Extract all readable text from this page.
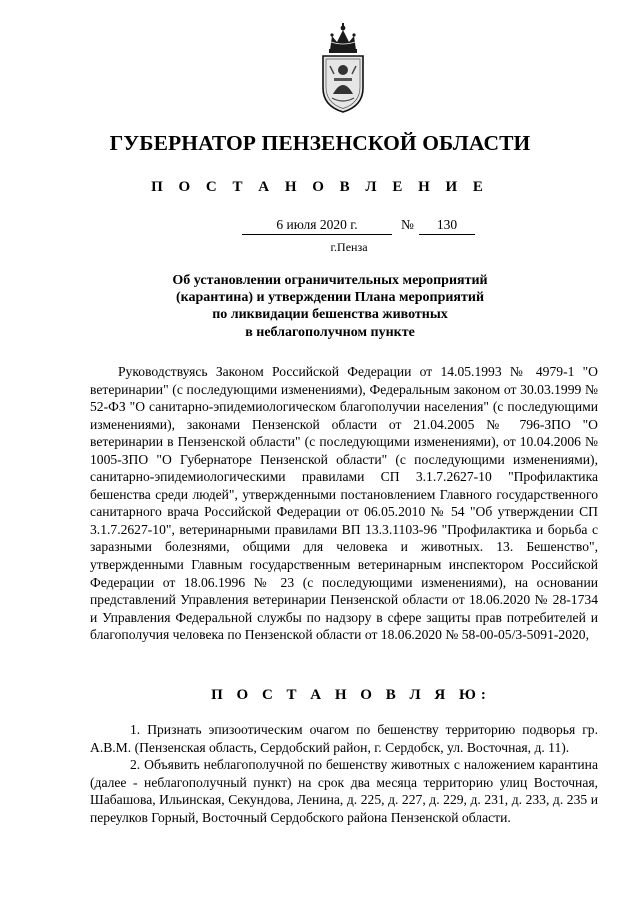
ГУБЕРНАТОР ПЕНЗЕНСКОЙ ОБЛАСТИ
П О С Т А Н О В Л Е Н И Е
6 июля 2020 г.	№	130
г.Пенза
Об установлении ограничительных мероприятий
(карантина) и утверждении Плана мероприятий
по ликвидации бешенства животных
в неблагополучном пункте

Руководствуясь Законом Российской Федерации от 14.05.1993 № 4979-1 "О ветеринарии" (с последующими изменениями), Федеральным законом от 30.03.1999 № 52-ФЗ "О санитарно-эпидемиологическом благополучии населения" (с последующими изменениями), законами Пензенской области от 21.04.2005 № 796-ЗПО "О ветеринарии в Пензенской области" (с последующими изменениями), от 10.04.2006 № 1005-ЗПО "О Губернаторе Пензенской области" (с последующими изменениями), санитарно-эпидемиологическими правилами СП 3.1.7.2627-10 "Профилактика бешенства среди людей", утвержденными постановлением Главного государственного санитарного врача Российской Федерации от 06.05.2010 № 54 "Об утверждении СП 3.1.7.2627-10", ветеринарными правилами ВП 13.3.1103-96 "Профилактика и борьба с заразными болезнями, общими для человека и животных. 13. Бешенство", утвержденными Главным государственным ветеринарным инспектором Российской Федерации от 18.06.1996 № 23 (с последующими изменениями), на основании представлений Управления ветеринарии Пензенской области от 18.06.2020 № 28-1734 и Управления Федеральной службы по надзору в сфере защиты прав потребителей и благополучия человека по Пензенской области от 18.06.2020 № 58-00-05/3-5091-2020,

П О С Т А Н О В Л Я Ю:

1. Признать эпизоотическим очагом по бешенству территорию подворья гр. А.В.М. (Пензенская область, Сердобский район, г. Сердобск, ул. Восточная, д. 11).

2. Объявить неблагополучной по бешенству животных с наложением карантина (далее - неблагополучный пункт) на срок два месяца территорию улиц Восточная, Шабашова, Ильинская, Секундова, Ленина, д. 225, д. 227, д. 229, д. 231, д. 233, д. 235 и переулков Горный, Восточный Сердобского района Пензенской области.
